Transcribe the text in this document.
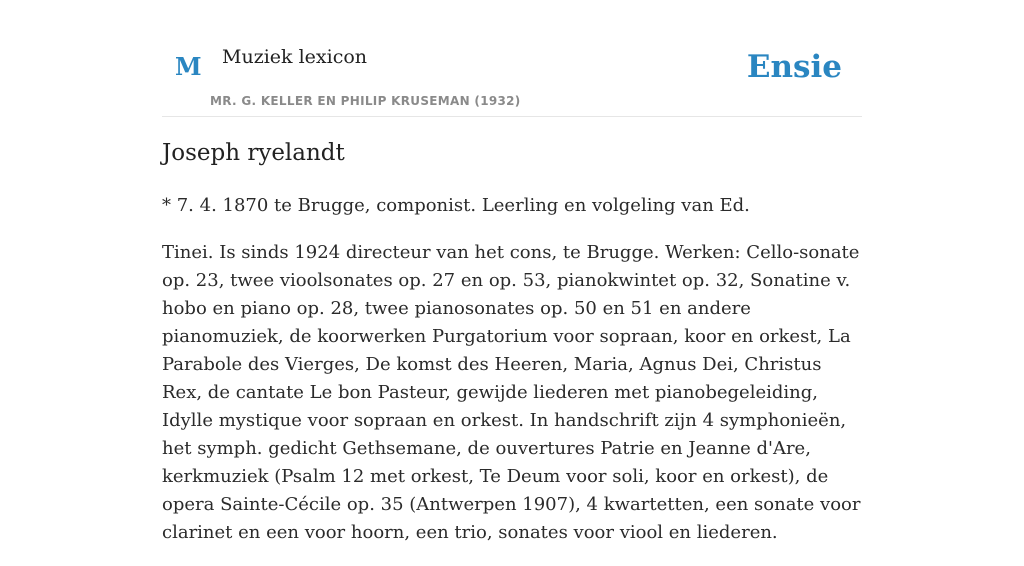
M Muziek lexicon
MR. G. KELLER EN PHILIP KRUSEMAN (1932)
Ensie
Joseph ryelandt

* 7. 4. 1870 te Brugge, componist. Leerling en volgeling van Ed.

Tinei. Is sinds 1924 directeur van het cons, te Brugge. Werken: Cello-sonate op. 23, twee vioolsonates op. 27 en op. 53, pianokwintet op. 32, Sonatine v. hobo en piano op. 28, twee pianosonates op. 50 en 51 en andere pianomuziek, de koorwerken Purgatorium voor sopraan, koor en orkest, La Parabole des Vierges, De komst des Heeren, Maria, Agnus Dei, Christus Rex, de cantate Le bon Pasteur, gewijde liederen met pianobegeleiding, Idylle mystique voor sopraan en orkest. In handschrift zijn 4 symphonieën, het symph. gedicht Gethsemane, de ouvertures Patrie en Jeanne d'Are, kerkmuziek (Psalm 12 met orkest, Te Deum voor soli, koor en orkest), de opera Sainte-Cécile op. 35 (Antwerpen 1907), 4 kwartetten, een sonate voor clarinet en een voor hoorn, een trio, sonates voor viool en liederen.
